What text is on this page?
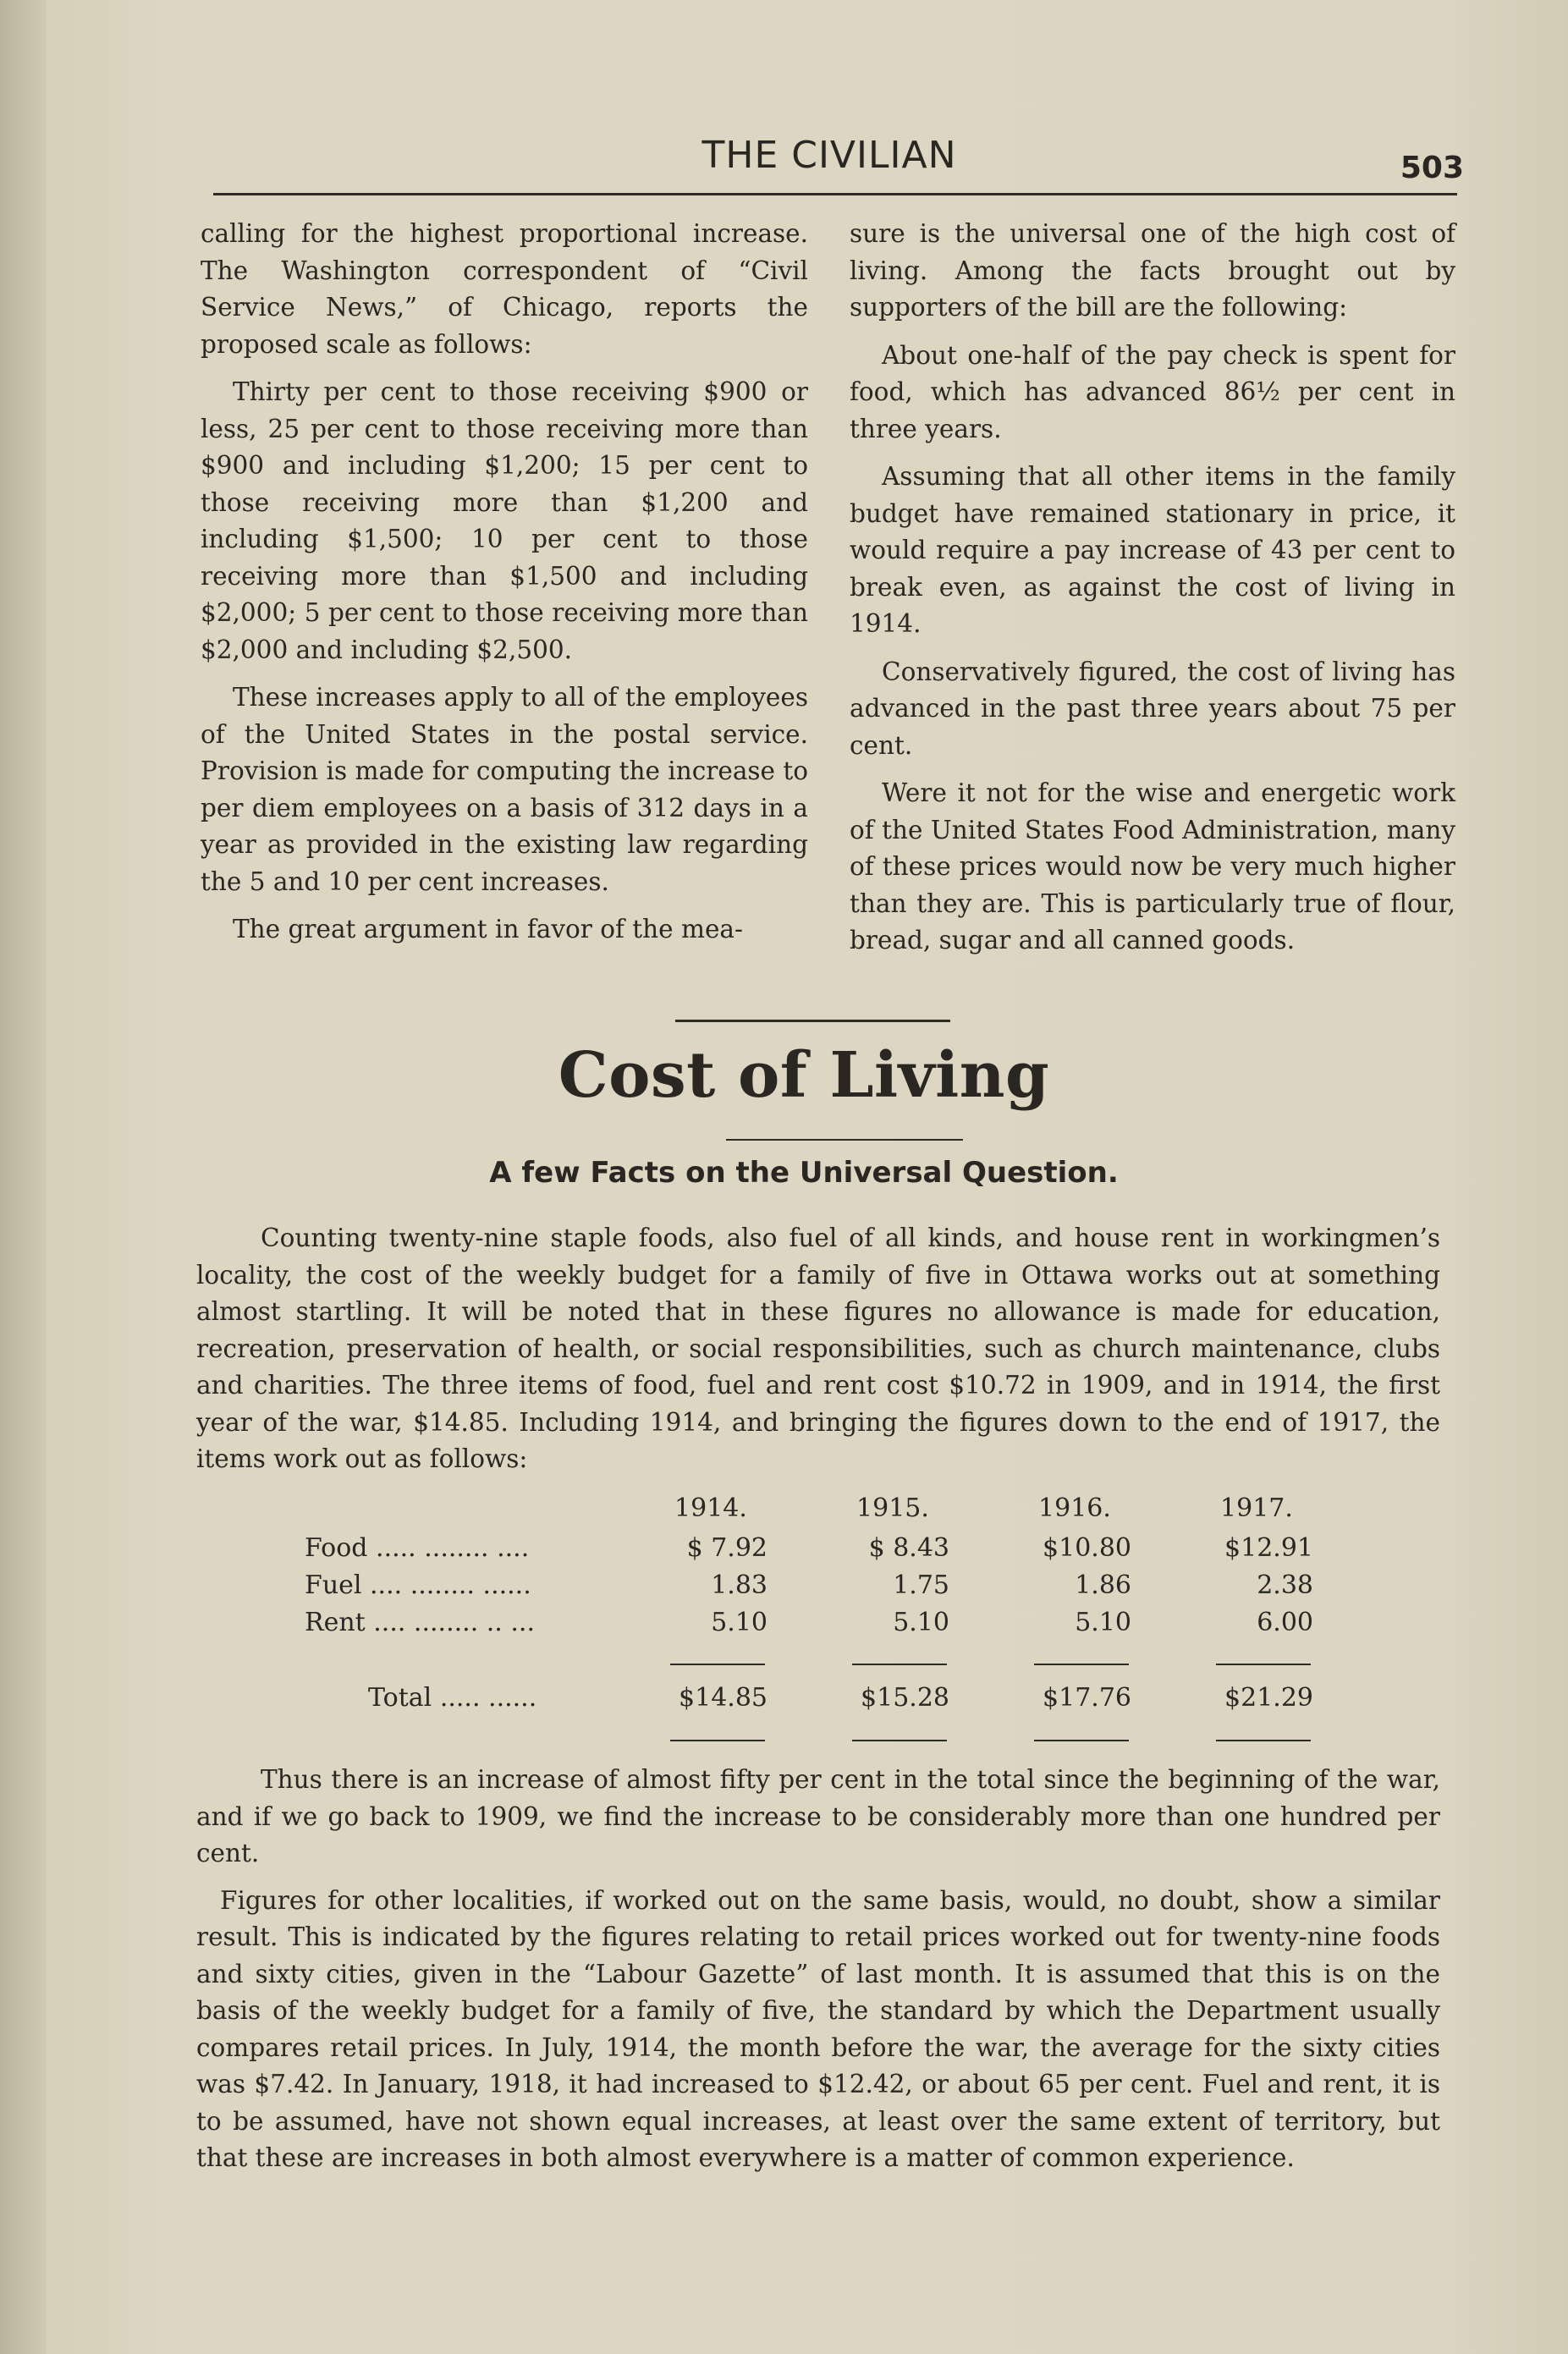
THE CIVILIAN	503

calling for the highest proportional increase. The Washington correspondent of “Civil Service News,” of Chicago, reports the proposed scale as follows:

Thirty per cent to those receiving $900 or less, 25 per cent to those receiving more than $900 and including $1,200; 15 per cent to those receiving more than $1,200 and including $1,500; 10 per cent to those receiving more than $1,500 and including $2,000; 5 per cent to those receiving more than $2,000 and including $2,500.

These increases apply to all of the employees of the United States in the postal service. Provision is made for computing the increase to per diem employees on a basis of 312 days in a year as provided in the existing law regarding the 5 and 10 per cent increases.

The great argument in favor of the mea-

sure is the universal one of the high cost of living. Among the facts brought out by supporters of the bill are the following:

About one-half of the pay check is spent for food, which has advanced 86½ per cent in three years.

Assuming that all other items in the family budget have remained stationary in price, it would require a pay increase of 43 per cent to break even, as against the cost of living in 1914.

Conservatively figured, the cost of living has advanced in the past three years about 75 per cent.

Were it not for the wise and energetic work of the United States Food Administration, many of these prices would now be very much higher than they are. This is particularly true of flour, bread, sugar and all canned goods.

Cost of Living
A few Facts on the Universal Question.

Counting twenty-nine staple foods, also fuel of all kinds, and house rent in workingmen’s locality, the cost of the weekly budget for a family of five in Ottawa works out at something almost startling. It will be noted that in these figures no allowance is made for education, recreation, preservation of health, or social responsibilities, such as church maintenance, clubs and charities. The three items of food, fuel and rent cost $10.72 in 1909, and in 1914, the first year of the war, $14.85. Including 1914, and bringing the figures down to the end of 1917, the items work out as follows:

1914.	1915.	1916.	1917.
Food ..... ........ ....	$ 7.92	$ 8.43	$10.80	$12.91
Fuel .... ........ ......	1.83	1.75	1.86	2.38
Rent .... ........ .. ...	5.10	5.10	5.10	6.00
Total ..... ......	$14.85	$15.28	$17.76	$21.29

Thus there is an increase of almost fifty per cent in the total since the beginning of the war, and if we go back to 1909, we find the increase to be considerably more than one hundred per cent.

Figures for other localities, if worked out on the same basis, would, no doubt, show a similar result. This is indicated by the figures relating to retail prices worked out for twenty-nine foods and sixty cities, given in the “Labour Gazette” of last month. It is assumed that this is on the basis of the weekly budget for a family of five, the standard by which the Department usually compares retail prices. In July, 1914, the month before the war, the average for the sixty cities was $7.42. In January, 1918, it had increased to $12.42, or about 65 per cent. Fuel and rent, it is to be assumed, have not shown equal increases, at least over the same extent of territory, but that these are increases in both almost everywhere is a matter of common experience.
